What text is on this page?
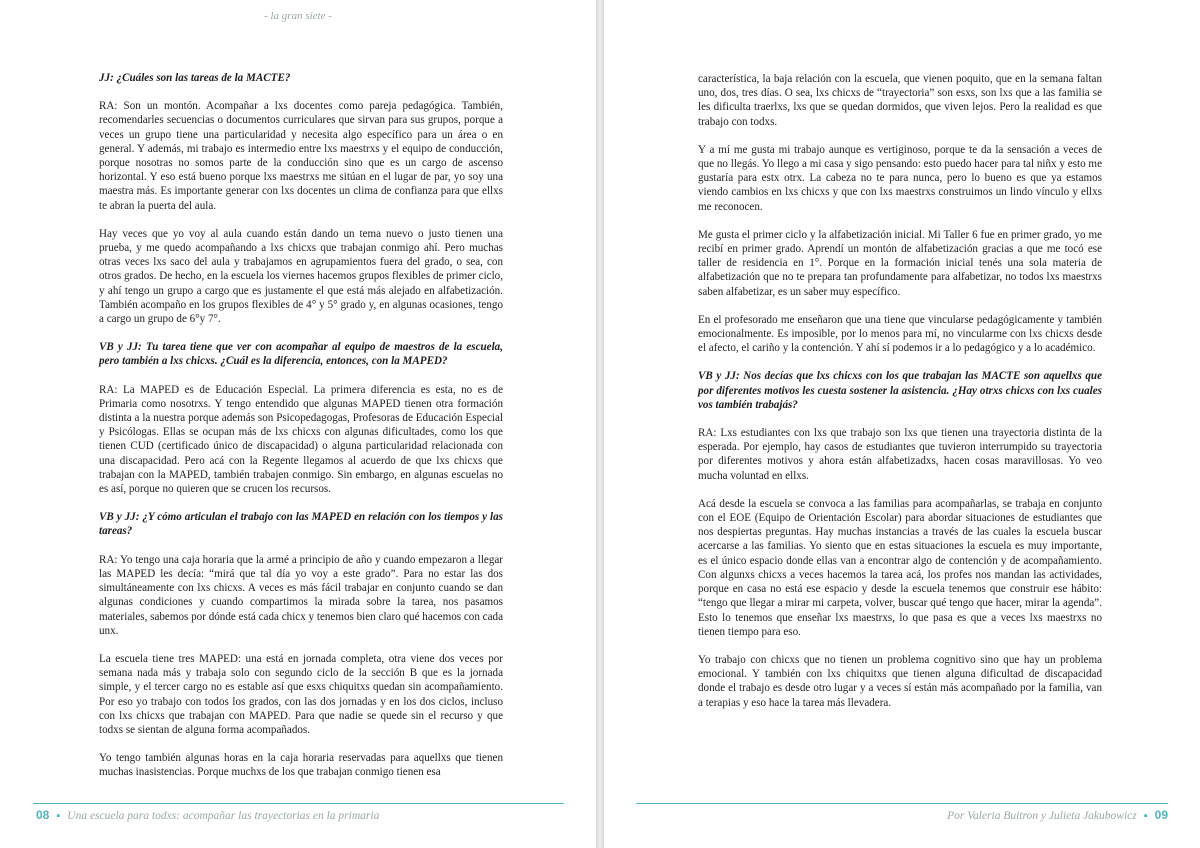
- la gran siete -

JJ: ¿Cuáles son las tareas de la MACTE?

RA: Son un montón. Acompañar a lxs docentes como pareja pedagógica. También, recomendarles secuencias o documentos curriculares que sirvan para sus grupos, porque a veces un grupo tiene una particularidad y necesita algo específico para un área o en general. Y además, mi trabajo es intermedio entre lxs maestrxs y el equipo de conducción, porque nosotras no somos parte de la conducción sino que es un cargo de ascenso horizontal. Y eso está bueno porque lxs maestrxs me sitúan en el lugar de par, yo soy una maestra más. Es importante generar con lxs docentes un clima de confianza para que ellxs te abran la puerta del aula.

Hay veces que yo voy al aula cuando están dando un tema nuevo o justo tienen una prueba, y me quedo acompañando a lxs chicxs que trabajan conmigo ahí. Pero muchas otras veces lxs saco del aula y trabajamos en agrupamientos fuera del grado, o sea, con otros grados. De hecho, en la escuela los viernes hacemos grupos flexibles de primer ciclo, y ahí tengo un grupo a cargo que es justamente el que está más alejado en alfabetización. También acompaño en los grupos flexibles de 4° y 5° grado y, en algunas ocasiones, tengo a cargo un grupo de 6°y 7°.

VB y JJ: Tu tarea tiene que ver con acompañar al equipo de maestros de la escuela, pero también a lxs chicxs. ¿Cuál es la diferencia, entonces, con la MAPED?

RA: La MAPED es de Educación Especial. La primera diferencia es esta, no es de Primaria como nosotrxs. Y tengo entendido que algunas MAPED tienen otra formación distinta a la nuestra porque además son Psicopedagogas, Profesoras de Educación Especial y Psicólogas. Ellas se ocupan más de lxs chicxs con algunas dificultades, como los que tienen CUD (certificado único de discapacidad) o alguna particularidad relacionada con una discapacidad. Pero acá con la Regente llegamos al acuerdo de que lxs chicxs que trabajan con la MAPED, también trabajen conmigo. Sin embargo, en algunas escuelas no es así, porque no quieren que se crucen los recursos.

VB y JJ: ¿Y cómo articulan el trabajo con las MAPED en relación con los tiempos y las tareas?

RA: Yo tengo una caja horaria que la armé a principio de año y cuando empezaron a llegar las MAPED les decía: “mirá que tal día yo voy a este grado”. Para no estar las dos simultáneamente con lxs chicxs. A veces es más fácil trabajar en conjunto cuando se dan algunas condiciones y cuando compartimos la mirada sobre la tarea, nos pasamos materiales, sabemos por dónde está cada chicx y tenemos bien claro qué hacemos con cada unx.

La escuela tiene tres MAPED: una está en jornada completa, otra viene dos veces por semana nada más y trabaja solo con segundo ciclo de la sección B que es la jornada simple, y el tercer cargo no es estable así que esxs chiquitxs quedan sin acompañamiento. Por eso yo trabajo con todos los grados, con las dos jornadas y en los dos ciclos, incluso con lxs chicxs que trabajan con MAPED. Para que nadie se quede sin el recurso y que todxs se sientan de alguna forma acompañados.

Yo tengo también algunas horas en la caja horaria reservadas para aquellxs que tienen muchas inasistencias. Porque muchxs de los que trabajan conmigo tienen esa

08 ▪ Una escuela para todxs: acompañar las trayectorias en la primaria

característica, la baja relación con la escuela, que vienen poquito, que en la semana faltan uno, dos, tres días. O sea, lxs chicxs de “trayectoria” son esxs, son lxs que a las familia se les dificulta traerlxs, lxs que se quedan dormidos, que viven lejos. Pero la realidad es que trabajo con todxs.

Y a mí me gusta mi trabajo aunque es vertiginoso, porque te da la sensación a veces de que no llegás. Yo llego a mi casa y sigo pensando: esto puedo hacer para tal niñx y esto me gustaría para estx otrx. La cabeza no te para nunca, pero lo bueno es que ya estamos viendo cambios en lxs chicxs y que con lxs maestrxs construimos un lindo vínculo y ellxs me reconocen.

Me gusta el primer ciclo y la alfabetización inicial. Mi Taller 6 fue en primer grado, yo me recibí en primer grado. Aprendí un montón de alfabetización gracias a que me tocó ese taller de residencia en 1°. Porque en la formación inicial tenés una sola materia de alfabetización que no te prepara tan profundamente para alfabetizar, no todos lxs maestrxs saben alfabetizar, es un saber muy específico.

En el profesorado me enseñaron que una tiene que vincularse pedagógicamente y también emocionalmente. Es imposible, por lo menos para mí, no vincularme con lxs chicxs desde el afecto, el cariño y la contención. Y ahí sí podemos ir a lo pedagógico y a lo académico.

VB y JJ: Nos decías que lxs chicxs con los que trabajan las MACTE son aquellxs que por diferentes motivos les cuesta sostener la asistencia. ¿Hay otrxs chicxs con lxs cuales vos también trabajás?

RA: Lxs estudiantes con lxs que trabajo son lxs que tienen una trayectoria distinta de la esperada. Por ejemplo, hay casos de estudiantes que tuvieron interrumpido su trayectoria por diferentes motivos y ahora están alfabetizadxs, hacen cosas maravillosas. Yo veo mucha voluntad en ellxs.

Acá desde la escuela se convoca a las familias para acompañarlas, se trabaja en conjunto con el EOE (Equipo de Orientación Escolar) para abordar situaciones de estudiantes que nos despiertas preguntas. Hay muchas instancias a través de las cuales la escuela buscar acercarse a las familias. Yo siento que en estas situaciones la escuela es muy importante, es el único espacio donde ellas van a encontrar algo de contención y de acompañamiento. Con algunxs chicxs a veces hacemos la tarea acá, los profes nos mandan las actividades, porque en casa no está ese espacio y desde la escuela tenemos que construir ese hábito: “tengo que llegar a mirar mi carpeta, volver, buscar qué tengo que hacer, mirar la agenda”. Esto lo tenemos que enseñar lxs maestrxs, lo que pasa es que a veces lxs maestrxs no tienen tiempo para eso.

Yo trabajo con chicxs que no tienen un problema cognitivo sino que hay un problema emocional. Y también con lxs chiquitxs que tienen alguna dificultad de discapacidad donde el trabajo es desde otro lugar y a veces sí están más acompañado por la familia, van a terapias y eso hace la tarea más llevadera.

Por Valeria Buitron y Julieta Jakubowicz ▪ 09
